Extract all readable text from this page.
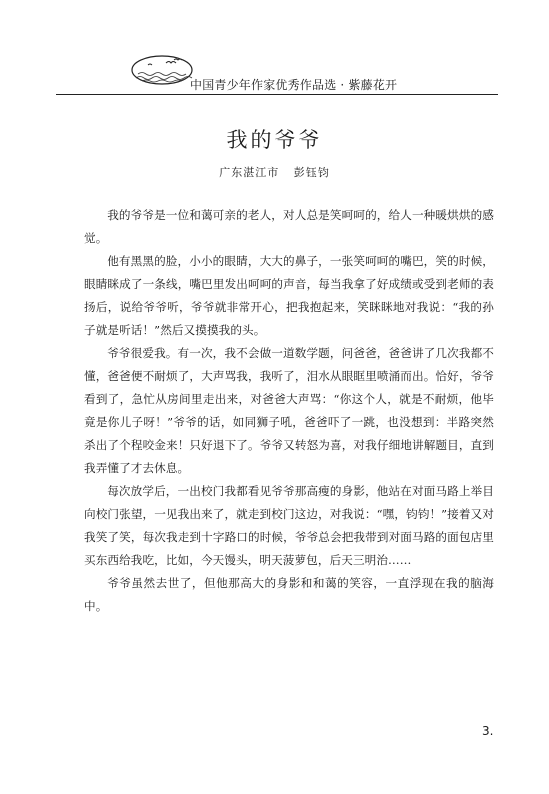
中国青少年作家优秀作品选 · 紫藤花开
我的爷爷
广东湛江市 彭钰钧

我的爷爷是一位和蔼可亲的老人，对人总是笑呵呵的，给人一种暖烘烘的感觉。

他有黑黑的脸，小小的眼睛，大大的鼻子，一张笑呵呵的嘴巴，笑的时候，眼睛眯成了一条线，嘴巴里发出呵呵的声音，每当我拿了好成绩或受到老师的表扬后，说给爷爷听，爷爷就非常开心，把我抱起来，笑眯眯地对我说：“我的孙子就是听话！”然后又摸摸我的头。

爷爷很爱我。有一次，我不会做一道数学题，问爸爸，爸爸讲了几次我都不懂，爸爸便不耐烦了，大声骂我，我听了，泪水从眼眶里喷涌而出。恰好，爷爷看到了，急忙从房间里走出来，对爸爸大声骂：“你这个人，就是不耐烦，他毕竟是你儿子呀！”爷爷的话，如同狮子吼，爸爸吓了一跳，也没想到：半路突然杀出了个程咬金来！只好退下了。爷爷又转怒为喜，对我仔细地讲解题目，直到我弄懂了才去休息。

每次放学后，一出校门我都看见爷爷那高瘦的身影，他站在对面马路上举目向校门张望，一见我出来了，就走到校门这边，对我说：“嘿，钧钧！”接着又对我笑了笑，每次我走到十字路口的时候，爷爷总会把我带到对面马路的面包店里买东西给我吃，比如，今天馒头，明天菠萝包，后天三明治……

爷爷虽然去世了，但他那高大的身影和和蔼的笑容，一直浮现在我的脑海中。

3.
